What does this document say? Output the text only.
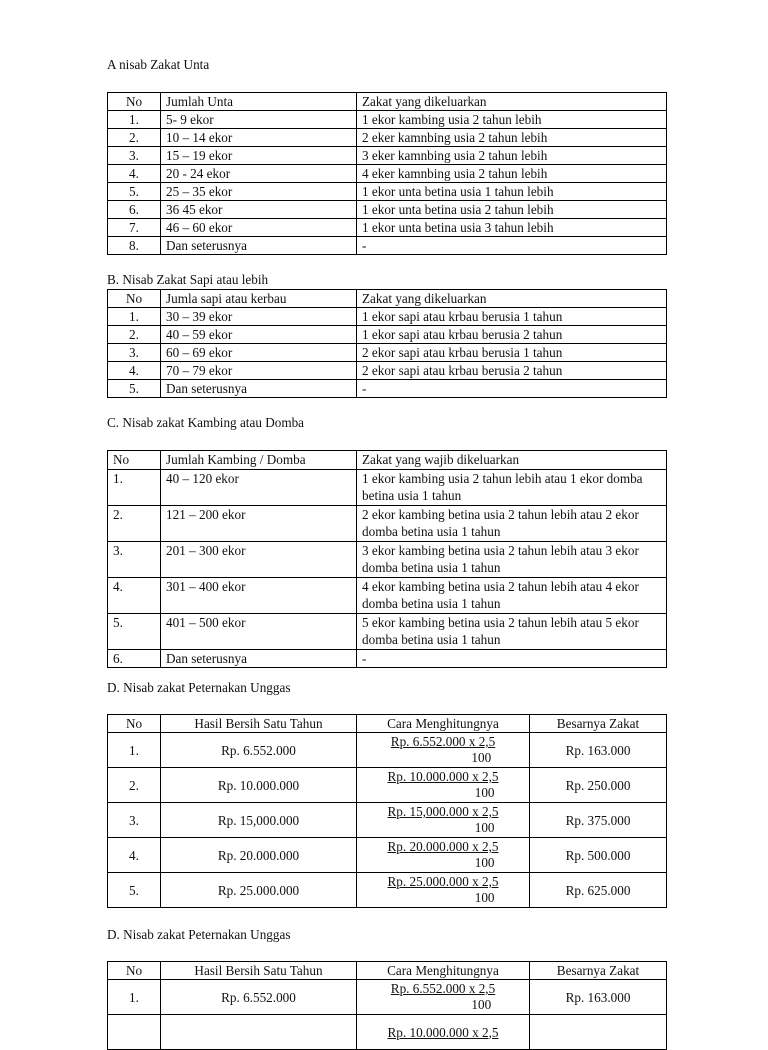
A nisab Zakat Unta

No	Jumlah Unta	Zakat yang dikeluarkan
1.	5- 9 ekor	1 ekor kambing usia 2 tahun lebih
2.	10 – 14 ekor	2 eker kamnbing usia 2 tahun lebih
3.	15 – 19 ekor	3 eker kamnbing usia 2 tahun lebih
4.	20 - 24 ekor	4 eker kamnbing usia 2 tahun lebih
5.	25 – 35 ekor	1 ekor unta betina usia 1 tahun lebih
6.	36 45 ekor	1 ekor unta betina usia 2 tahun lebih
7.	46 – 60 ekor	1 ekor unta betina usia 3 tahun lebih
8.	Dan seterusnya	-

B. Nisab Zakat Sapi atau lebih

No	Jumla sapi atau kerbau	Zakat yang dikeluarkan
1.	30 – 39 ekor	1 ekor sapi atau krbau berusia 1 tahun
2.	40 – 59 ekor	1 ekor sapi atau krbau berusia 2 tahun
3.	60 – 69 ekor	2 ekor sapi atau krbau berusia 1 tahun
4.	70 – 79 ekor	2 ekor sapi atau krbau berusia 2 tahun
5.	Dan seterusnya	-

C. Nisab zakat Kambing atau Domba

No	Jumlah Kambing / Domba	Zakat yang wajib dikeluarkan
1.	40 – 120 ekor	1 ekor kambing usia 2 tahun lebih atau 1 ekor domba betina usia 1 tahun
2.	121 – 200 ekor	2 ekor kambing betina usia 2 tahun lebih atau 2 ekor domba betina usia 1 tahun
3.	201 – 300 ekor	3 ekor kambing betina usia 2 tahun lebih atau 3 ekor domba betina usia 1 tahun
4.	301 – 400 ekor	4 ekor kambing betina usia 2 tahun lebih atau 4 ekor domba betina usia 1 tahun
5.	401 – 500 ekor	5 ekor kambing betina usia 2 tahun lebih atau 5 ekor domba betina usia 1 tahun
6.	Dan seterusnya	-

D. Nisab zakat Peternakan Unggas

No	Hasil Bersih Satu Tahun	Cara Menghitungnya	Besarnya Zakat
1.	Rp. 6.552.000	$\frac{Rp. 6.552.000 x 2,5}{100}$	Rp. 163.000
2.	Rp. 10.000.000	$\frac{Rp. 10.000.000 x 2,5}{100}$	Rp. 250.000
3.	Rp. 15,000.000	$\frac{Rp. 15,000.000 x 2,5}{100}$	Rp. 375.000
4.	Rp. 20.000.000	$\frac{Rp. 20.000.000 x 2,5}{100}$	Rp. 500.000
5.	Rp. 25.000.000	$\frac{Rp. 25.000.000 x 2,5}{100}$	Rp. 625.000

D. Nisab zakat Peternakan Unggas

No	Hasil Bersih Satu Tahun	Cara Menghitungnya	Besarnya Zakat
1.	Rp. 6.552.000	$\frac{Rp. 6.552.000 x 2,5}{100}$	Rp. 163.000

		Rp. 10.000.000 x 2,5	
